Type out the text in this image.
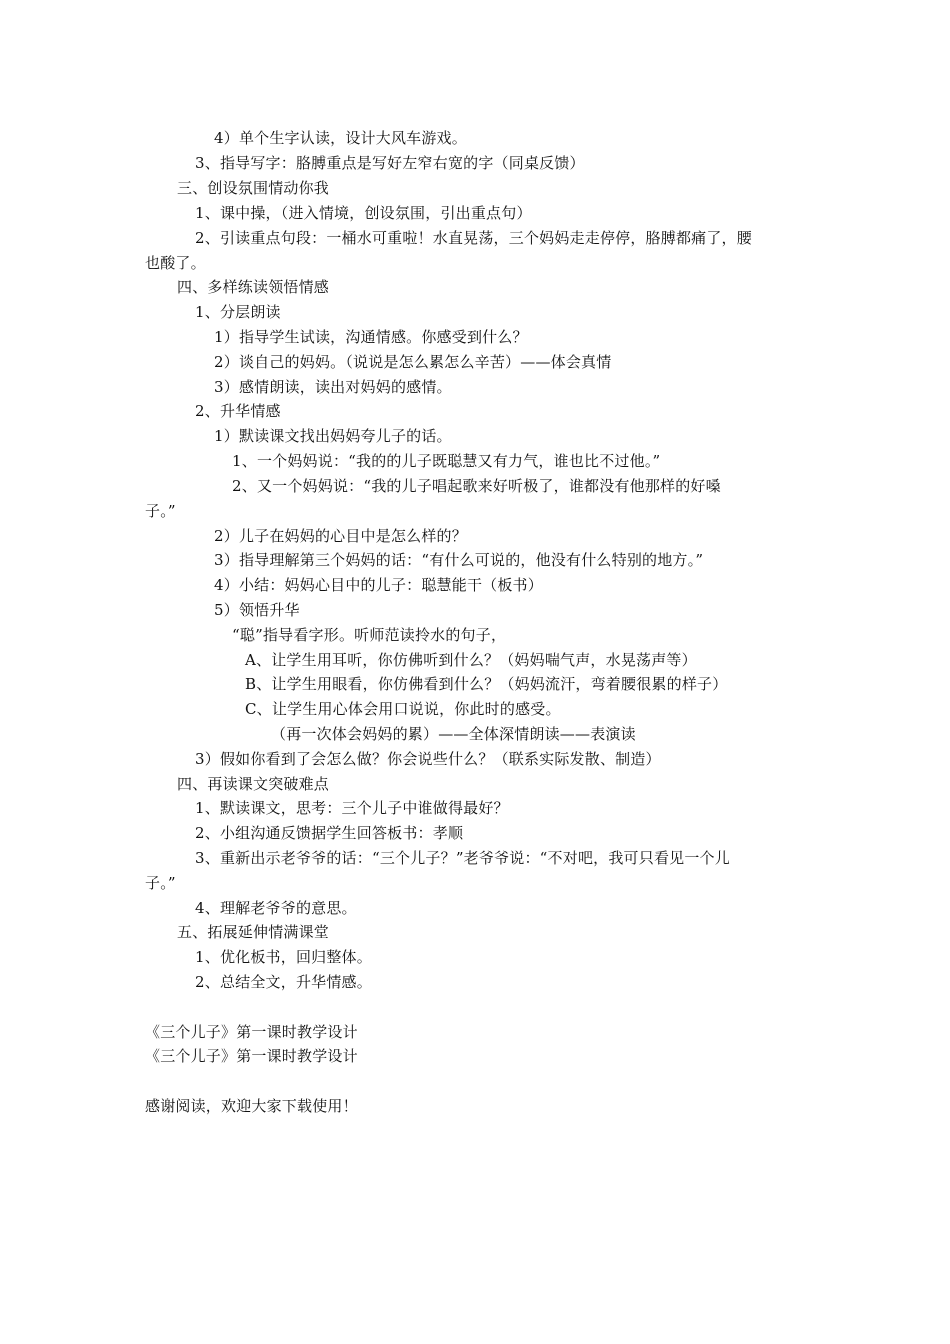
4）单个生字认读，设计大风车游戏。
3、指导写字：胳膊重点是写好左窄右宽的字（同桌反馈）
三、创设氛围情动你我
1、课中操，（进入情境，创设氛围，引出重点句）
2、引读重点句段：一桶水可重啦！水直晃荡，三个妈妈走走停停，胳膊都痛了，腰
也酸了。
四、多样练读领悟情感
1、分层朗读
1）指导学生试读，沟通情感。你感受到什么？
2）谈自己的妈妈。（说说是怎么累怎么辛苦）——体会真情
3）感情朗读，读出对妈妈的感情。
2、升华情感
1）默读课文找出妈妈夸儿子的话。
1、一个妈妈说：“我的的儿子既聪慧又有力气，谁也比不过他。”
2、又一个妈妈说：“我的儿子唱起歌来好听极了，谁都没有他那样的好嗓
子。”
2）儿子在妈妈的心目中是怎么样的？
3）指导理解第三个妈妈的话：“有什么可说的，他没有什么特别的地方。”
4）小结：妈妈心目中的儿子：聪慧能干（板书）
5）领悟升华
“聪”指导看字形。听师范读拎水的句子，
A、让学生用耳听，你仿佛听到什么？（妈妈喘气声，水晃荡声等）
B、让学生用眼看，你仿佛看到什么？（妈妈流汗，弯着腰很累的样子）
C、让学生用心体会用口说说，你此时的感受。
（再一次体会妈妈的累）——全体深情朗读——表演读
3）假如你看到了会怎么做？你会说些什么？（联系实际发散、制造）
四、再读课文突破难点
1、默读课文，思考：三个儿子中谁做得最好？
2、小组沟通反馈据学生回答板书：孝顺
3、重新出示老爷爷的话：“三个儿子？”老爷爷说：“不对吧，我可只看见一个儿
子。”
4、理解老爷爷的意思。
五、拓展延伸情满课堂
1、优化板书，回归整体。
2、总结全文，升华情感。
《三个儿子》第一课时教学设计
《三个儿子》第一课时教学设计
感谢阅读，欢迎大家下载使用！
